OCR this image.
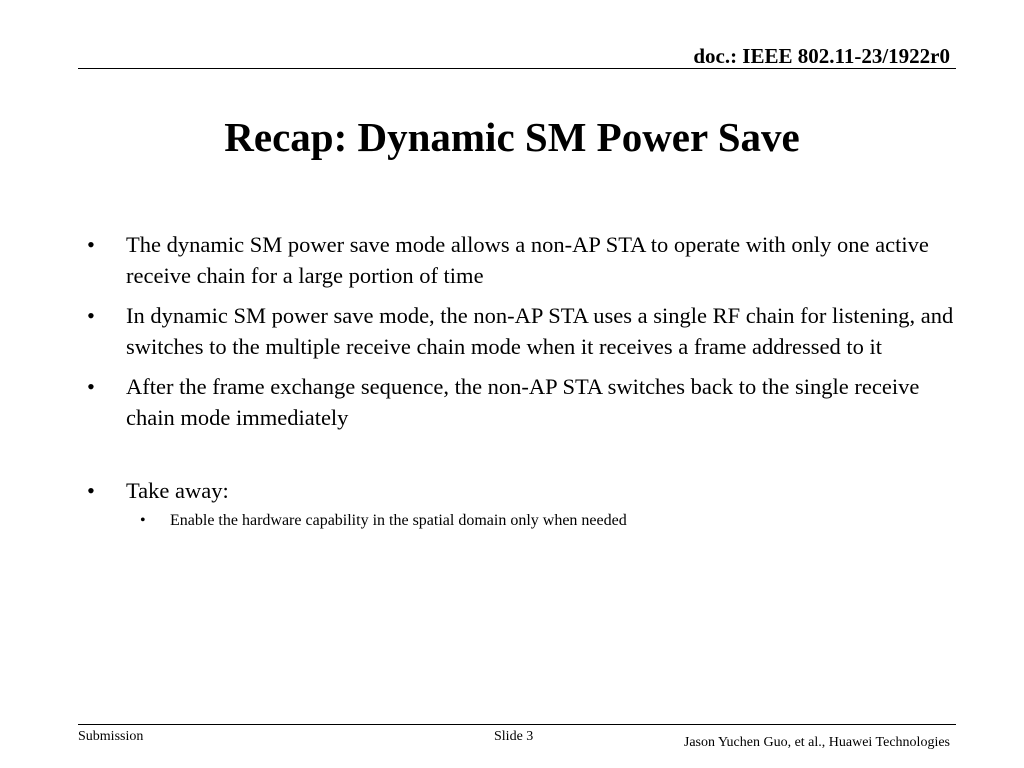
doc.: IEEE 802.11-23/1922r0
Recap: Dynamic SM Power Save
• The dynamic SM power save mode allows a non-AP STA to operate with only one active receive chain for a large portion of time
• In dynamic SM power save mode, the non-AP STA uses a single RF chain for listening, and switches to the multiple receive chain mode when it receives a frame addressed to it
• After the frame exchange sequence, the non-AP STA switches back to the single receive chain mode immediately
• Take away:
• Enable the hardware capability in the spatial domain only when needed
Submission	Slide 3	Jason Yuchen Guo, et al., Huawei Technologies
